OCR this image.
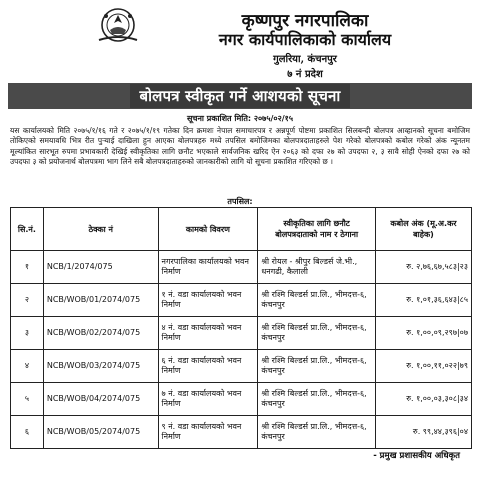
कृष्णपुर नगरपालिका
नगर कार्यपालिकाको कार्यालय
गुलरिया, कंचनपुर
७ नं प्रदेश
बोलपत्र स्वीकृत गर्ने आशयको सूचना
सूचना प्रकाशित मिति: २०७५/०२/१५
यस कार्यालयको मिति २०७५/१/१६ गते र २०७५/१/१९ गतेका दिन क्रमशः नेपाल समाचारपत्र र अन्नपूर्ण पोष्टमा प्रकाशित सिलबन्दी बोलपत्र आव्हानको सूचना बमोजिम तोकिएको समयावधि भित्र रीत पुऱ्याई दाखिला हुन आएका बोलपत्रहरु मध्ये तपसिल बमोजिमका बोलपत्रदाताहरुले पेश गरेको बोलपत्रको कबोल गरेको अंक न्यूनतम मूल्यांकित सारभूत रुपमा प्रभावकारी देखिई स्वीकृतिका लागि छनौट भएकाले सार्वजनिक खरिद ऐन २०६३ को दफा २७ को उपदफा २, ३ सावै सोही ऐनको दफा २७ को उपदफा ३ को प्रयोजनार्थ बोलपत्रमा भाग लिने सबै बोलपत्रदाताहरुको जानकारीको लागि यो सूचना प्रकाशित गरिएको छ ।
तपसिल:
सि.नं.	ठेक्का नं	कामको विवरण	स्वीकृतिका लागि छनौट बोलपत्रदाताको नाम र ठेगाना	कबोल अंक (मू.अ.कर बाहेक)
१	NCB/1/2074/075	नगरपालिका कार्यालयको भवन निर्माण	श्री रोयल - श्रीपुर बिल्डर्स जे.भी., धनगढी, कैलाली	रु. २,७६,६७,५८३|२३
२	NCB/WOB/01/2074/075	१ नं. वडा कार्यालयको भवन निर्माण	श्री रश्मि बिल्डर्स प्रा.लि., भीमदत्त-६, कंचनपुर	रु. १,०१,३६,६४३|८५
३	NCB/WOB/02/2074/075	४ नं. वडा कार्यालयको भवन निर्माण	श्री रश्मि बिल्डर्स प्रा.लि., भीमदत्त-६, कंचनपुर	रु. १,००,०९,२९७|०७
४	NCB/WOB/03/2074/075	६ नं. वडा कार्यालयको भवन निर्माण	श्री रश्मि बिल्डर्स प्रा.लि., भीमदत्त-६, कंचनपुर	रु. १,००,११,०२२|७९
५	NCB/WOB/04/2074/075	७ नं. वडा कार्यालयको भवन निर्माण	श्री रश्मि बिल्डर्स प्रा.लि., भीमदत्त-६, कंचनपुर	रु. १,००,०३,३०८|३४
६	NCB/WOB/05/2074/075	९ नं. वडा कार्यालयको भवन निर्माण	श्री रश्मि बिल्डर्स प्रा.लि., भीमदत्त-६, कंचनपुर	रु. ९९,४४,३९६|०४
- प्रमुख प्रशासकीय अधिकृत
